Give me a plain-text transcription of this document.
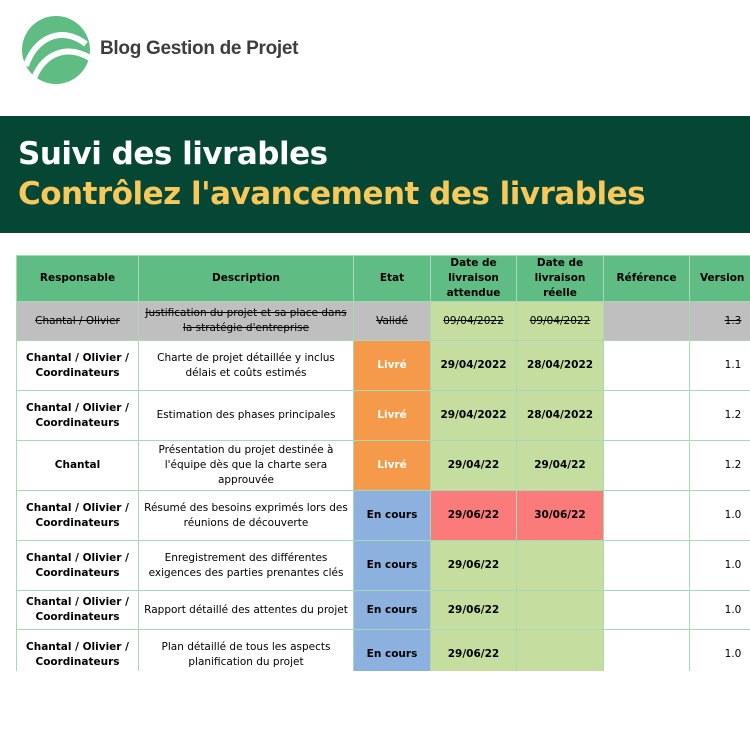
Blog Gestion de Projet
Suivi des livrables
Contrôlez l'avancement des livrables
Responsable	Description	Etat	Date de livraison attendue	Date de livraison réelle	Référence	Version
Chantal / Olivier	Justification du projet et sa place dans la stratégie d'entreprise	Validé	09/04/2022	09/04/2022		1.3
Chantal / Olivier / Coordinateurs	Charte de projet détaillée y inclus délais et coûts estimés	Livré	29/04/2022	28/04/2022		1.1
Chantal / Olivier / Coordinateurs	Estimation des phases principales	Livré	29/04/2022	28/04/2022		1.2
Chantal	Présentation du projet destinée à l'équipe dès que la charte sera approuvée	Livré	29/04/22	29/04/22		1.2
Chantal / Olivier / Coordinateurs	Résumé des besoins exprimés lors des réunions de découverte	En cours	29/06/22	30/06/22		1.0
Chantal / Olivier / Coordinateurs	Enregistrement des différentes exigences des parties prenantes clés	En cours	29/06/22			1.0
Chantal / Olivier / Coordinateurs	Rapport détaillé des attentes du projet	En cours	29/06/22			1.0
Chantal / Olivier / Coordinateurs	Plan détaillé de tous les aspects planification du projet	En cours	29/06/22			1.0
